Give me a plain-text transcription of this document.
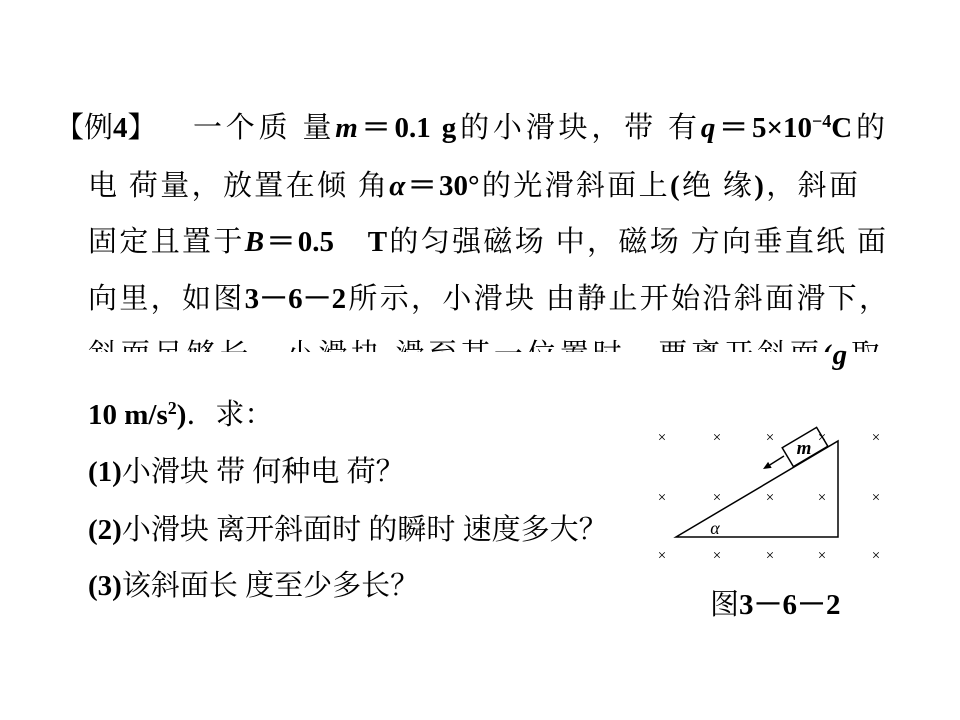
【例4】 一个质 量m＝0.1 g的小滑块，带 有$q=5\times 10^{-4}C$的
电 荷量，放置在倾 角α＝30°的光滑斜面上(绝 缘)，斜面
固定且置于B＝0.5　T的匀强磁场 中，磁场 方向垂直纸 面
向里，如图3－6－2所示，小滑块 由静止开始沿斜面滑下，
g
10 $m/s^2$)．求：
(1)小滑块 带 何种电 荷？
(2)小滑块 离开斜面时 的瞬时 速度多大？
(3)该斜面长 度至少多长？
m
α
×	×	×	×	×
×	×	×	×	×
×	×	×	×	×
图3－6－2
